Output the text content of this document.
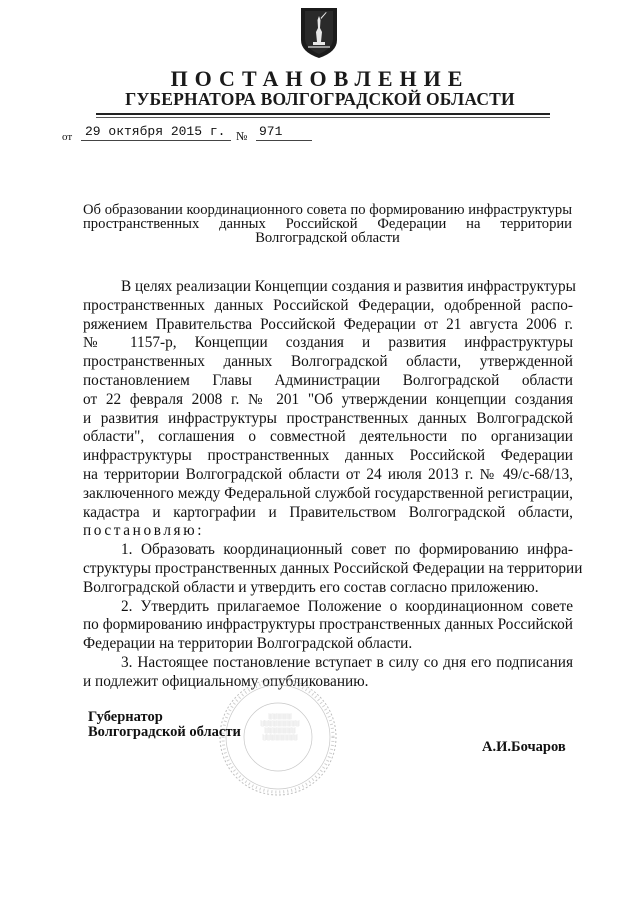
ПОСТАНОВЛЕНИЕ
ГУБЕРНАТОРА ВОЛГОГРАДСКОЙ ОБЛАСТИ
от 29 октября 2015 г. № 971
Об образовании координационного совета по формированию инфраструктуры
пространственных данных Российской Федерации на территории
Волгоградской области
В целях реализации Концепции создания и развития инфраструктуры
пространственных данных Российской Федерации, одобренной распо-
ряжением Правительства Российской Федерации от 21 августа 2006 г.
№ 1157-р, Концепции создания и развития инфраструктуры
пространственных данных Волгоградской области, утвержденной
постановлением Главы Администрации Волгоградской области
от 22 февраля 2008 г. № 201 "Об утверждении концепции создания
и развития инфраструктуры пространственных данных Волгоградской
области", соглашения о совместной деятельности по организации
инфраструктуры пространственных данных Российской Федерации
на территории Волгоградской области от 24 июля 2013 г. № 49/с-68/13,
заключенного между Федеральной службой государственной регистрации,
кадастра и картографии и Правительством Волгоградской области,
постановляю:
1. Образовать координационный совет по формированию инфра-
структуры пространственных данных Российской Федерации на территории
Волгоградской области и утвердить его состав согласно приложению.
2. Утвердить прилагаемое Положение о координационном совете
по формированию инфраструктуры пространственных данных Российской
Федерации на территории Волгоградской области.
3. Настоящее постановление вступает в силу со дня его подписания
и подлежит официальному опубликованию.
░░░░░░
░░░░░░░░░░
░░░░░░░░
░░░░░░░░░
Губернатор
Волгоградской области
А.И.Бочаров
